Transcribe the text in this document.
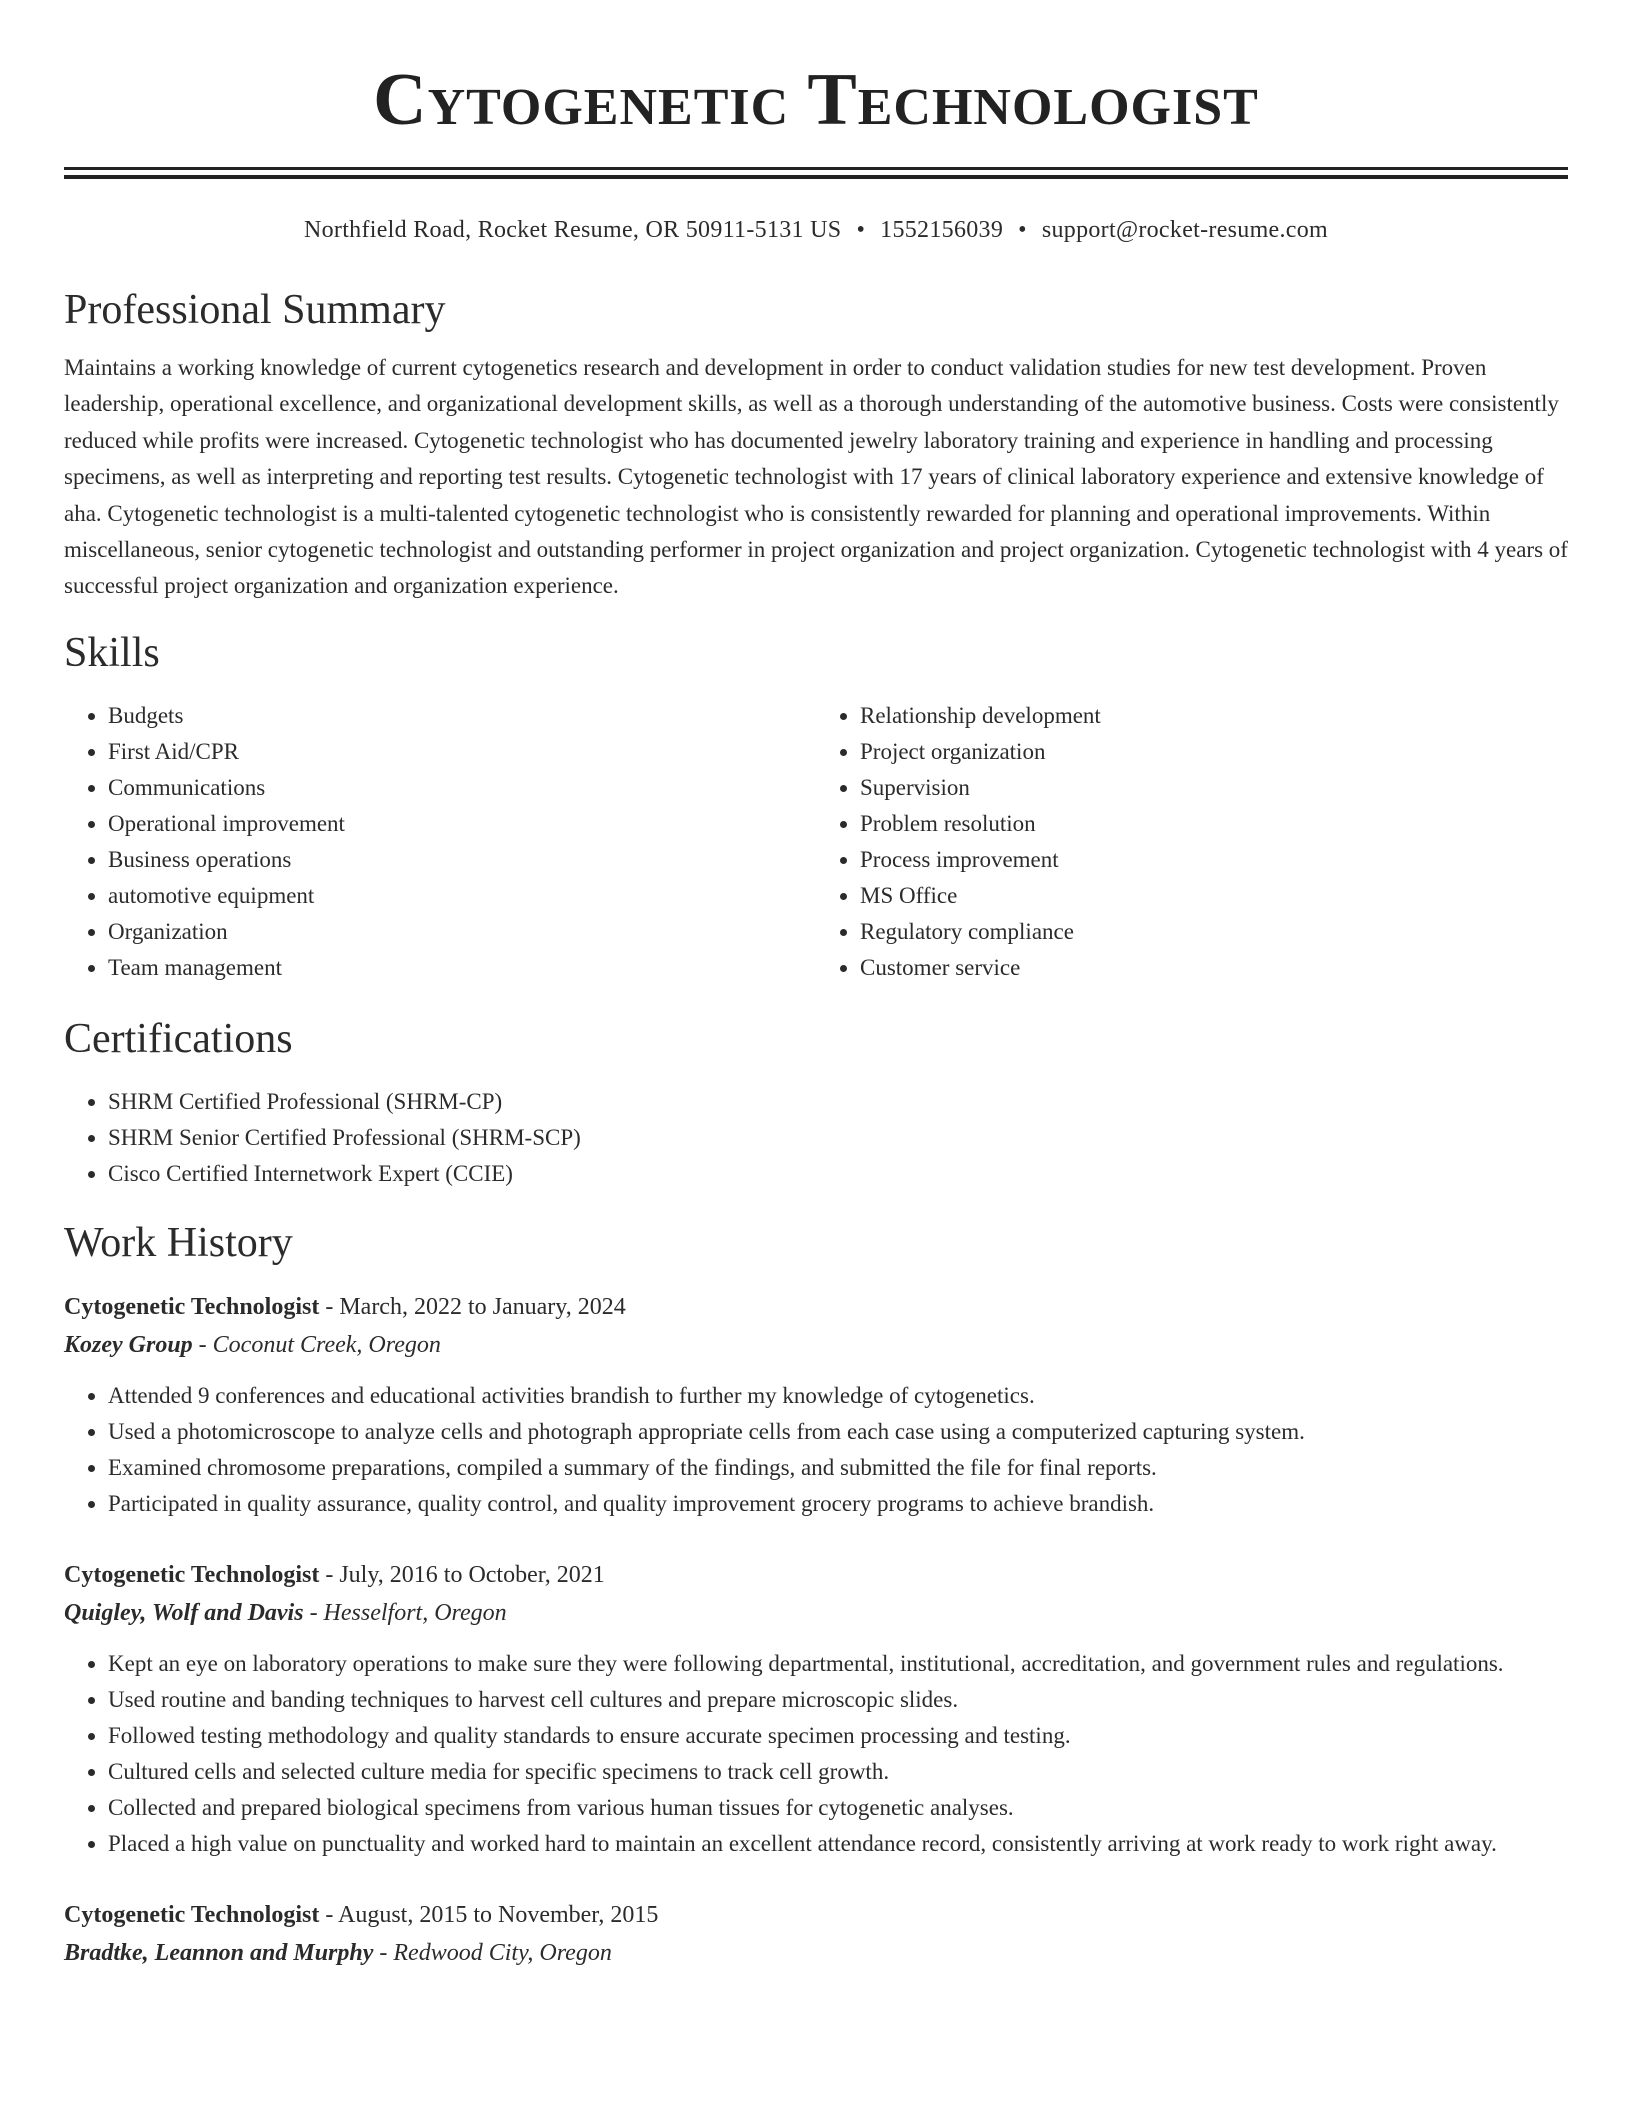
Cytogenetic Technologist
Northfield Road, Rocket Resume, OR 50911-5131 US • 1552156039 • support@rocket-resume.com
Professional Summary

Maintains a working knowledge of current cytogenetics research and development in order to conduct validation studies for new test development. Proven leadership, operational excellence, and organizational development skills, as well as a thorough understanding of the automotive business. Costs were consistently reduced while profits were increased. Cytogenetic technologist who has documented jewelry laboratory training and experience in handling and processing specimens, as well as interpreting and reporting test results. Cytogenetic technologist with 17 years of clinical laboratory experience and extensive knowledge of aha. Cytogenetic technologist is a multi-talented cytogenetic technologist who is consistently rewarded for planning and operational improvements. Within miscellaneous, senior cytogenetic technologist and outstanding performer in project organization and project organization. Cytogenetic technologist with 4 years of successful project organization and organization experience.

Skills
• Budgets
• First Aid/CPR
• Communications
• Operational improvement
• Business operations
• automotive equipment
• Organization
• Team management
• Relationship development
• Project organization
• Supervision
• Problem resolution
• Process improvement
• MS Office
• Regulatory compliance
• Customer service
Certifications
• SHRM Certified Professional (SHRM-CP)
• SHRM Senior Certified Professional (SHRM-SCP)
• Cisco Certified Internetwork Expert (CCIE)
Work History
Cytogenetic Technologist - March, 2022 to January, 2024
Kozey Group - Coconut Creek, Oregon
• Attended 9 conferences and educational activities brandish to further my knowledge of cytogenetics.
• Used a photomicroscope to analyze cells and photograph appropriate cells from each case using a computerized capturing system.
• Examined chromosome preparations, compiled a summary of the findings, and submitted the file for final reports.
• Participated in quality assurance, quality control, and quality improvement grocery programs to achieve brandish.
Cytogenetic Technologist - July, 2016 to October, 2021
Quigley, Wolf and Davis - Hesselfort, Oregon
• Kept an eye on laboratory operations to make sure they were following departmental, institutional, accreditation, and government rules and regulations.
• Used routine and banding techniques to harvest cell cultures and prepare microscopic slides.
• Followed testing methodology and quality standards to ensure accurate specimen processing and testing.
• Cultured cells and selected culture media for specific specimens to track cell growth.
• Collected and prepared biological specimens from various human tissues for cytogenetic analyses.
• Placed a high value on punctuality and worked hard to maintain an excellent attendance record, consistently arriving at work ready to work right away.
Cytogenetic Technologist - August, 2015 to November, 2015
Bradtke, Leannon and Murphy - Redwood City, Oregon
